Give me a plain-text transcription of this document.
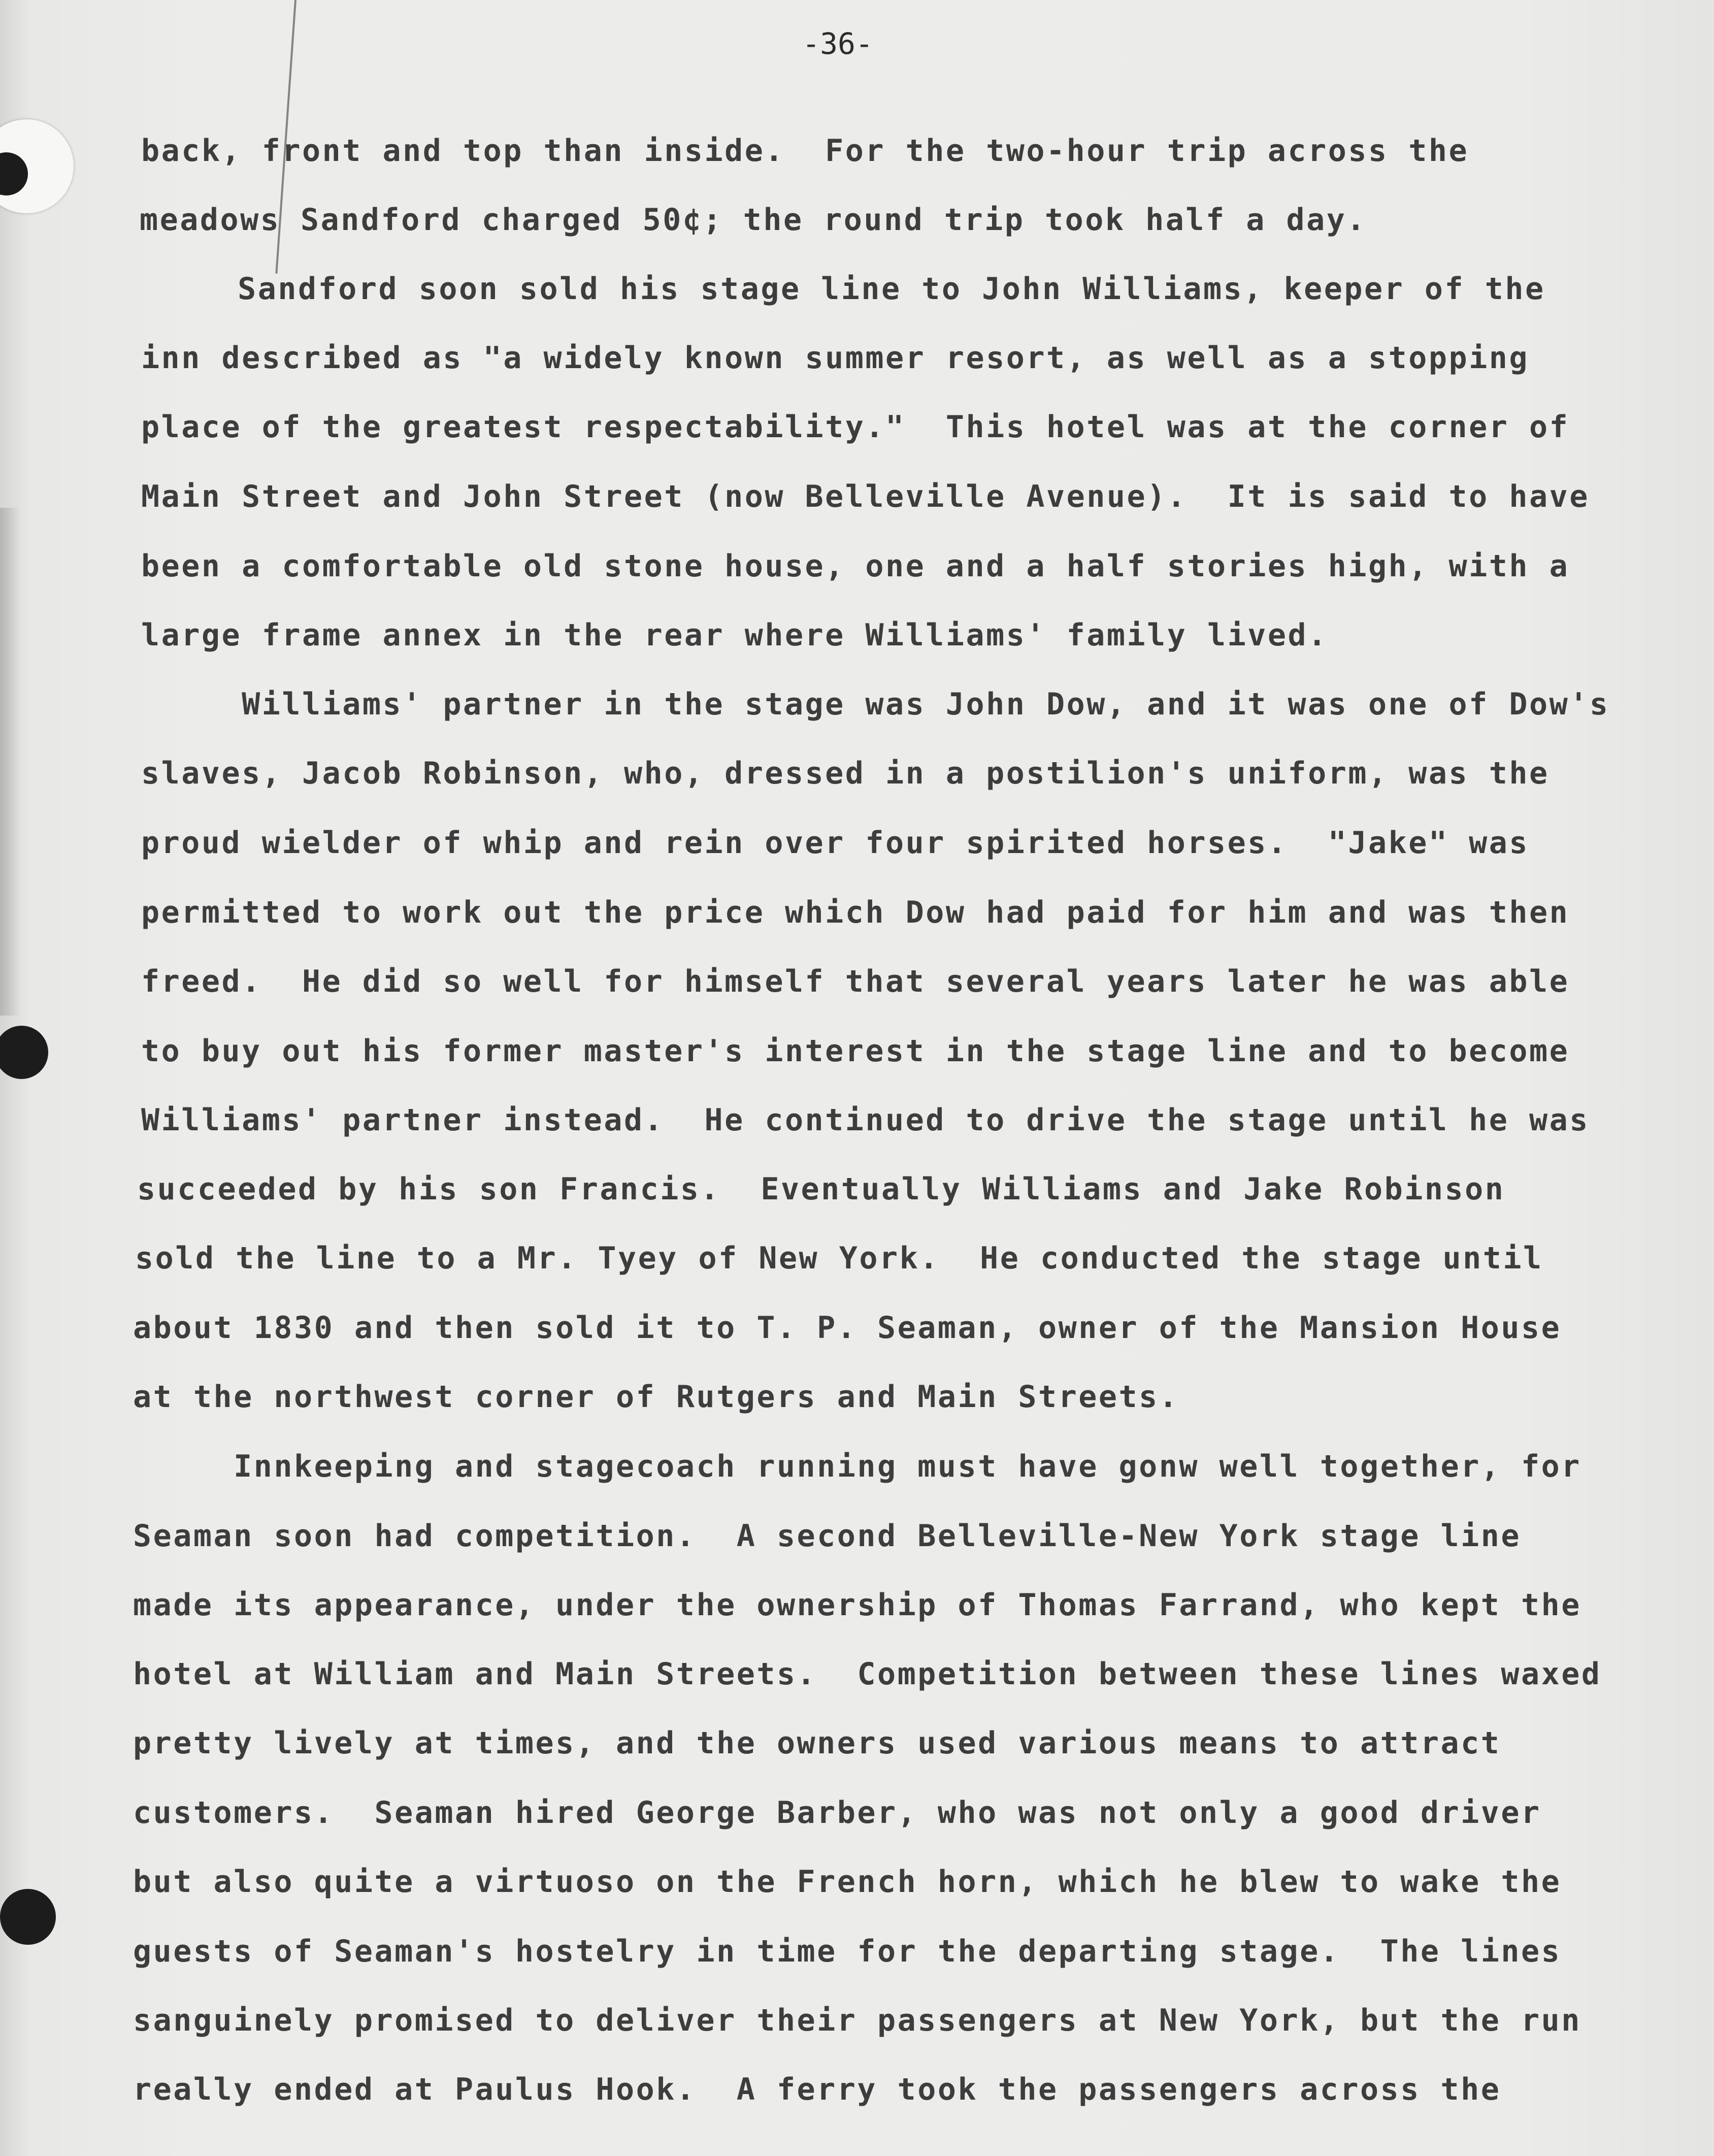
-36-
back, front and top than inside.  For the two-hour trip across the
meadows Sandford charged 50¢; the round trip took half a day.
Sandford soon sold his stage line to John Williams, keeper of the
inn described as "a widely known summer resort, as well as a stopping
place of the greatest respectability."  This hotel was at the corner of
Main Street and John Street (now Belleville Avenue).  It is said to have
been a comfortable old stone house, one and a half stories high, with a
large frame annex in the rear where Williams' family lived.
Williams' partner in the stage was John Dow, and it was one of Dow's
slaves, Jacob Robinson, who, dressed in a postilion's uniform, was the
proud wielder of whip and rein over four spirited horses.  "Jake" was
permitted to work out the price which Dow had paid for him and was then
freed.  He did so well for himself that several years later he was able
to buy out his former master's interest in the stage line and to become
Williams' partner instead.  He continued to drive the stage until he was
succeeded by his son Francis.  Eventually Williams and Jake Robinson
sold the line to a Mr. Tyey of New York.  He conducted the stage until
about 1830 and then sold it to T. P. Seaman, owner of the Mansion House
at the northwest corner of Rutgers and Main Streets.
Innkeeping and stagecoach running must have gonw well together, for
Seaman soon had competition.  A second Belleville-New York stage line
made its appearance, under the ownership of Thomas Farrand, who kept the
hotel at William and Main Streets.  Competition between these lines waxed
pretty lively at times, and the owners used various means to attract
customers.  Seaman hired George Barber, who was not only a good driver
but also quite a virtuoso on the French horn, which he blew to wake the
guests of Seaman's hostelry in time for the departing stage.  The lines
sanguinely promised to deliver their passengers at New York, but the run
really ended at Paulus Hook.  A ferry took the passengers across the
